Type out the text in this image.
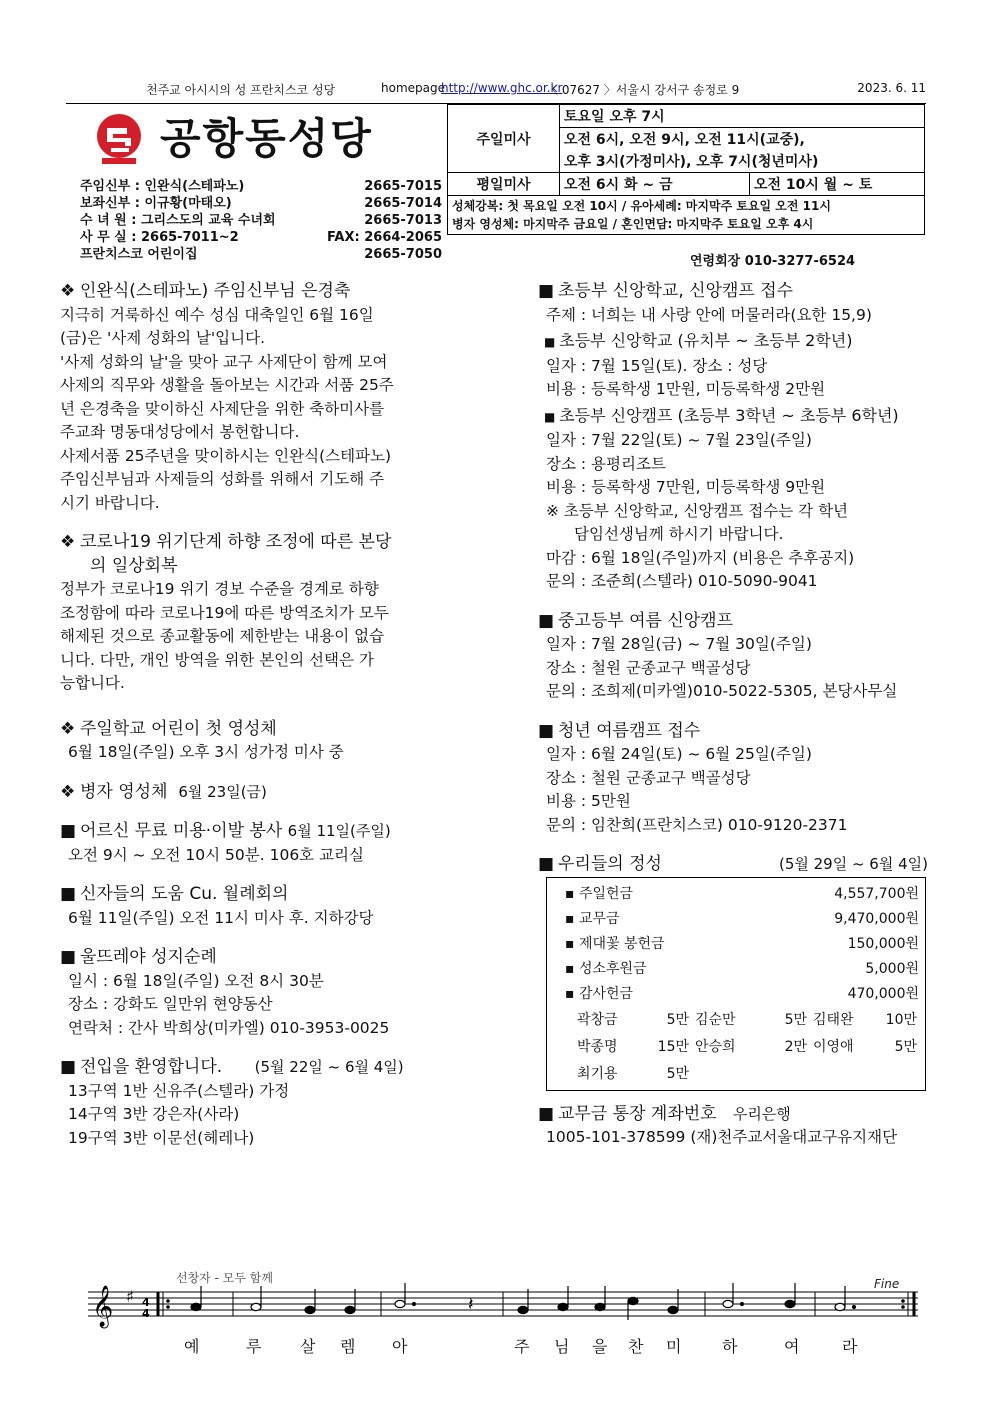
천주교 아시시의 성 프란치스코 성당	homepage
http://www.ghc.or.kr
〈 07627 〉서울시 강서구 송정로 9	2023. 6. 11
공항동성당
주임신부 : 인완식(스테파노)	2665-7015
보좌신부 : 이규황(마태오)	2665-7014
수 녀 원 : 그리스도의 교육 수녀회	2665-7013
사 무 실 : 2665-7011~2	FAX: 2664-2065
프란치스코 어린이집	2665-7050
주일미사	토요일 오후 7시	
	오전 6시, 오전 9시, 오전 11시(교중),	
	오후 3시(가정미사), 오후 7시(청년미사)	
평일미사	오전 6시 화 ~ 금	오전 10시 월 ~ 토

성체강복: 첫 목요일 오전 10시 / 유아세례: 마지막주 토요일 오전 11시
병자 영성체: 마지막주 금요일 / 혼인면담: 마지막주 토요일 오후 4시		
연령회장 010-3277-6524

❖ 인완식(스테파노) 주임신부님 은경축

지극히 거룩하신 예수 성심 대축일인 6월 16일

(금)은 '사제 성화의 날'입니다.

'사제 성화의 날'을 맞아 교구 사제단이 함께 모여

사제의 직무와 생활을 돌아보는 시간과 서품 25주

년 은경축을 맞이하신 사제단을 위한 축하미사를

주교좌 명동대성당에서 봉헌합니다.

사제서품 25주년을 맞이하시는 인완식(스테파노)

주임신부님과 사제들의 성화를 위해서 기도해 주

시기 바랍니다.

❖ 코로나19 위기단계 하향 조정에 따른 본당

의 일상회복

정부가 코로나19 위기 경보 수준을 경계로 하향

조정함에 따라 코로나19에 따른 방역조치가 모두

해제된 것으로 종교활동에 제한받는 내용이 없습

니다. 다만, 개인 방역을 위한 본인의 선택은 가

능합니다.

❖ 주일학교 어린이 첫 영성체

6월 18일(주일) 오후 3시 성가정 미사 중

❖ 병자 영성체 6월 23일(금)

■ 어르신 무료 미용·이발 봉사 6월 11일(주일)

오전 9시 ~ 오전 10시 50분. 106호 교리실

■ 신자들의 도움 Cu. 월례회의

6월 11일(주일) 오전 11시 미사 후. 지하강당

■ 울뜨레야 성지순례

일시 : 6월 18일(주일) 오전 8시 30분

장소 : 강화도 일만위 현양동산

연락처 : 간사 박희상(미카엘) 010-3953-0025

■ 전입을 환영합니다. (5월 22일 ~ 6월 4일)

13구역 1반 신유주(스텔라) 가정

14구역 3반 강은자(사라)

19구역 3반 이문선(헤레나)

■ 초등부 신앙학교, 신앙캠프 접수

주제 : 너희는 내 사랑 안에 머물러라(요한 15,9)

■ 초등부 신앙학교 (유치부 ~ 초등부 2학년)

일자 : 7월 15일(토). 장소 : 성당

비용 : 등록학생 1만원, 미등록학생 2만원

■ 초등부 신앙캠프 (초등부 3학년 ~ 초등부 6학년)

일자 : 7월 22일(토) ~ 7월 23일(주일)

장소 : 용평리조트

비용 : 등록학생 7만원, 미등록학생 9만원

※ 초등부 신앙학교, 신앙캠프 접수는 각 학년

담임선생님께 하시기 바랍니다.

마감 : 6월 18일(주일)까지 (비용은 추후공지)

문의 : 조준희(스텔라) 010-5090-9041

■ 중고등부 여름 신앙캠프

일자 : 7월 28일(금) ~ 7월 30일(주일)

장소 : 철원 군종교구 백골성당

문의 : 조희제(미카엘)010-5022-5305, 본당사무실

■ 청년 여름캠프 접수

일자 : 6월 24일(토) ~ 6월 25일(주일)

장소 : 철원 군종교구 백골성당

비용 : 5만원

문의 : 임찬희(프란치스코) 010-9120-2371

■ 우리들의 정성	(5월 29일 ~ 6월 4일)

▪ 주일헌금	4,557,700원
▪ 교무금	9,470,000원
▪ 제대꽃 봉헌금	150,000원
▪ 성소후원금	5,000원
▪ 감사헌금	470,000원
곽창금	5만 김순만	5만 김태완	10만
박종명	15만 안승희	2만 이영애	5만
최기용	5만

■ 교무금 통장 계좌번호 우리은행

1005-101-378599 (재)천주교서울대교구유지재단

선창자 - 모두 함께	Fine
𝄞 ♯ 4
4	𝄽
예	루 살 렘 아	주 님 을 찬 미	하	여	라
